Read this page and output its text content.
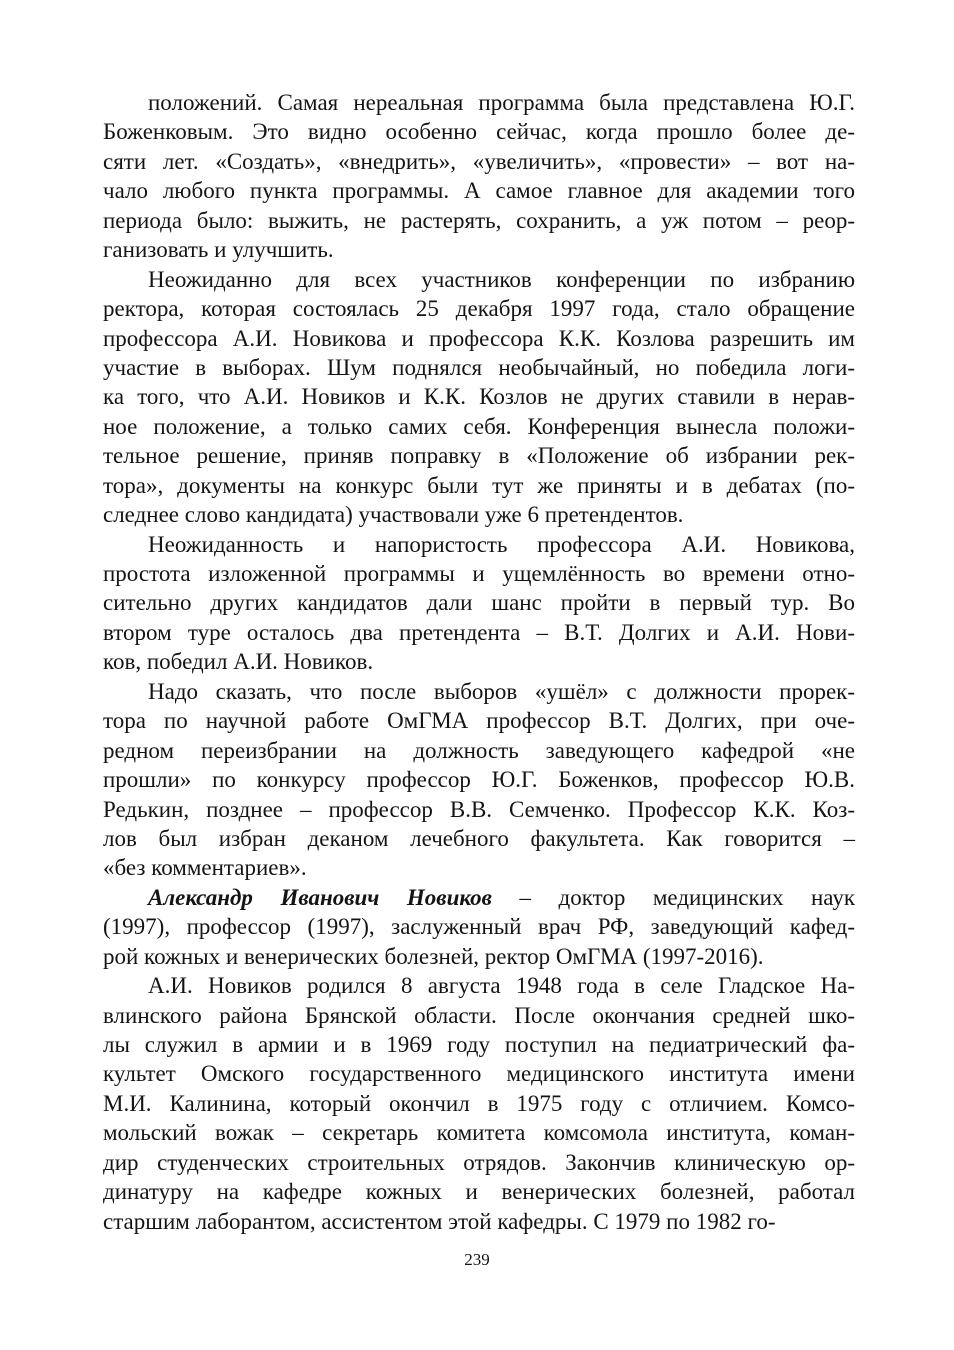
положений. Самая нереальная программа была представлена Ю.Г.
Боженковым. Это видно особенно сейчас, когда прошло более де-
сяти лет. «Создать», «внедрить», «увеличить», «провести» – вот на-
чало любого пункта программы. А самое главное для академии того
периода было: выжить, не растерять, сохранить, а уж потом – реор-
ганизовать и улучшить.
Неожиданно для всех участников конференции по избранию
ректора, которая состоялась 25 декабря 1997 года, стало обращение
профессора А.И. Новикова и профессора К.К. Козлова разрешить им
участие в выборах. Шум поднялся необычайный, но победила логи-
ка того, что А.И. Новиков и К.К. Козлов не других ставили в нерав-
ное положение, а только самих себя. Конференция вынесла положи-
тельное решение, приняв поправку в «Положение об избрании рек-
тора», документы на конкурс были тут же приняты и в дебатах (по-
следнее слово кандидата) участвовали уже 6 претендентов.
Неожиданность и напористость профессора А.И. Новикова,
простота изложенной программы и ущемлённость во времени отно-
сительно других кандидатов дали шанс пройти в первый тур. Во
втором туре осталось два претендента – В.Т. Долгих и А.И. Нови-
ков, победил А.И. Новиков.
Надо сказать, что после выборов «ушёл» с должности прорек-
тора по научной работе ОмГМА профессор В.Т. Долгих, при оче-
редном переизбрании на должность заведующего кафедрой «не
прошли» по конкурсу профессор Ю.Г. Боженков, профессор Ю.В.
Редькин, позднее – профессор В.В. Семченко. Профессор К.К. Коз-
лов был избран деканом лечебного факультета. Как говорится –
«без комментариев».
Александр Иванович Новиков – доктор медицинских наук
(1997), профессор (1997), заслуженный врач РФ, заведующий кафед-
рой кожных и венерических болезней, ректор ОмГМА (1997-2016).
А.И. Новиков родился 8 августа 1948 года в селе Гладское На-
влинского района Брянской области. После окончания средней шко-
лы служил в армии и в 1969 году поступил на педиатрический фа-
культет Омского государственного медицинского института имени
М.И. Калинина, который окончил в 1975 году с отличием. Комсо-
мольский вожак – секретарь комитета комсомола института, коман-
дир студенческих строительных отрядов. Закончив клиническую ор-
динатуру на кафедре кожных и венерических болезней, работал
старшим лаборантом, ассистентом этой кафедры. С 1979 по 1982 го-
239
